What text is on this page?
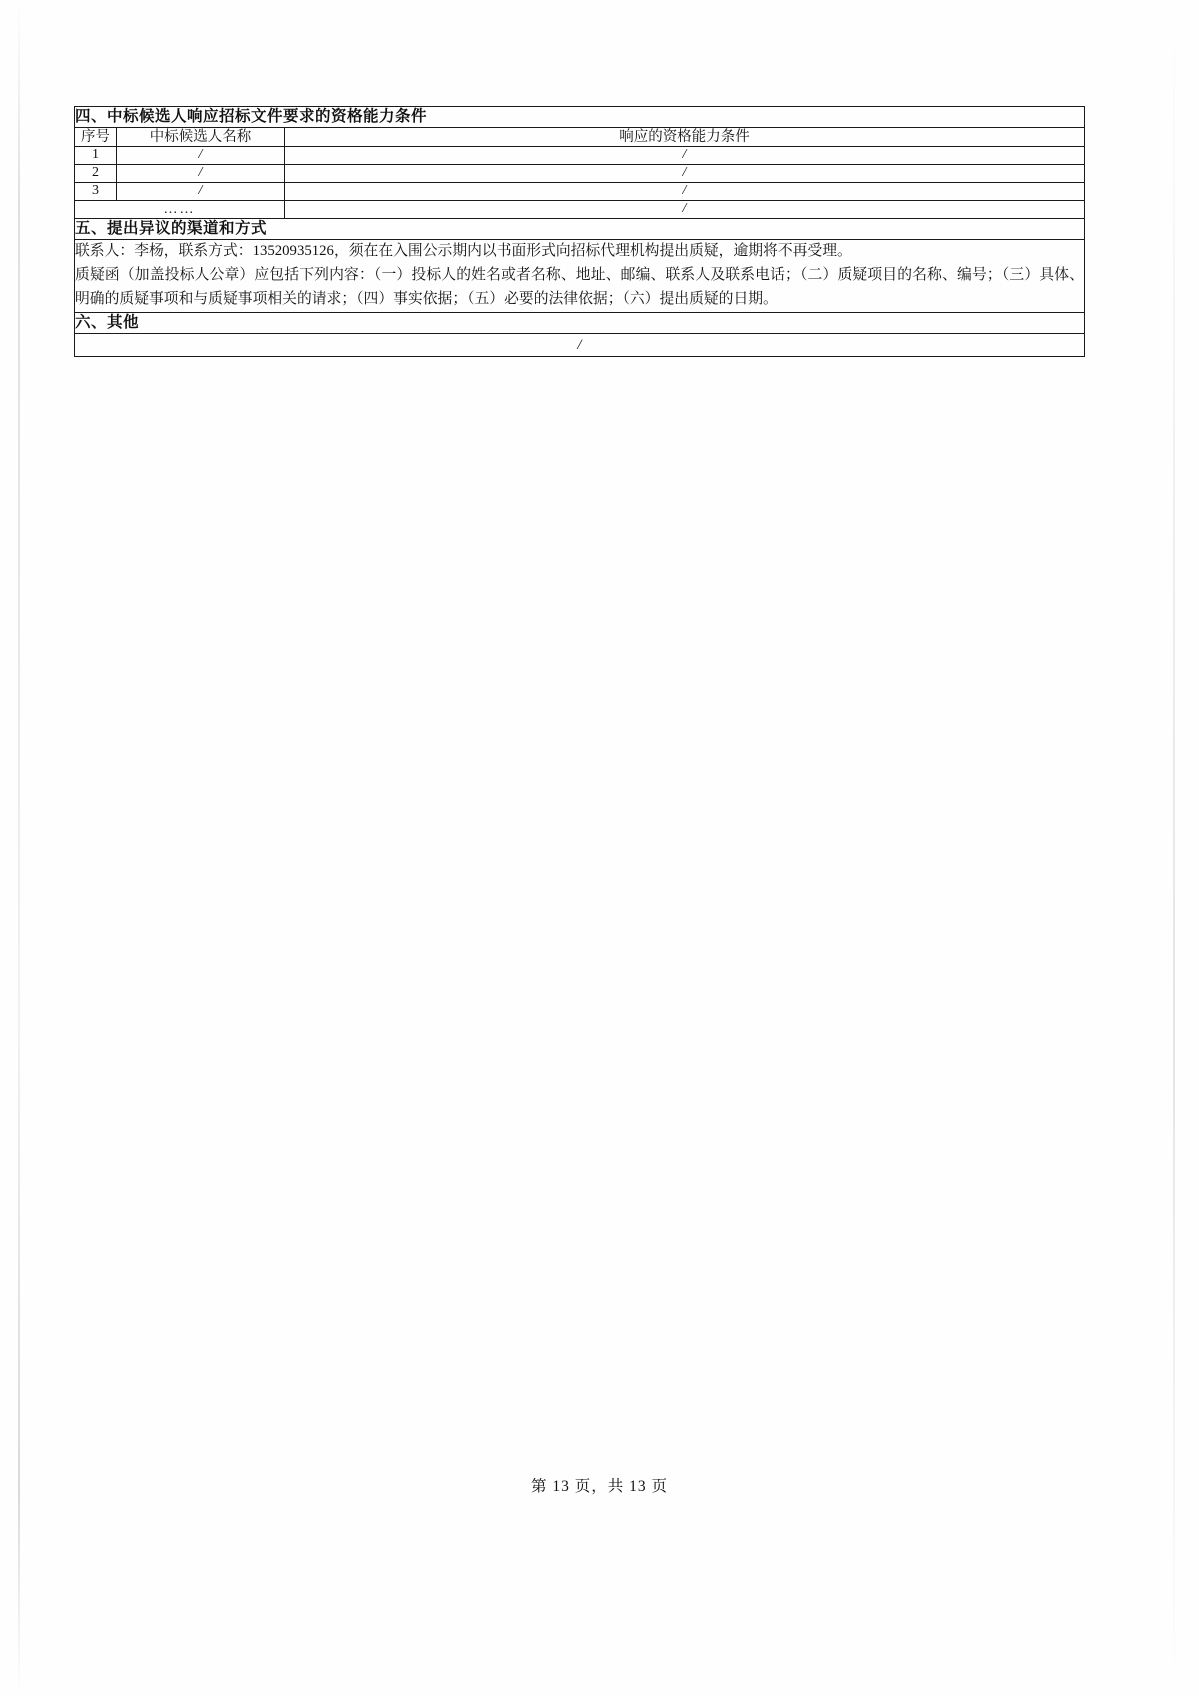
四、中标候选人响应招标文件要求的资格能力条件		
序号	中标候选人名称	响应的资格能力条件
1	/	/
2	/	/
3	/	/
……		/
五、提出异议的渠道和方式		

联系人：李杨，联系方式：13520935126，须在在入围公示期内以书面形式向招标代理机构提出质疑，逾期将不再受理。

质疑函（加盖投标人公章）应包括下列内容：（一）投标人的姓名或者名称、地址、邮编、联系人及联系电话；（二）质疑项目的名称、编号；（三）具体、明确的质疑事项和与质疑事项相关的请求；（四）事实依据；（五）必要的法律依据；（六）提出质疑的日期。		

六、其他		
/		
第 13 页，共 13 页
